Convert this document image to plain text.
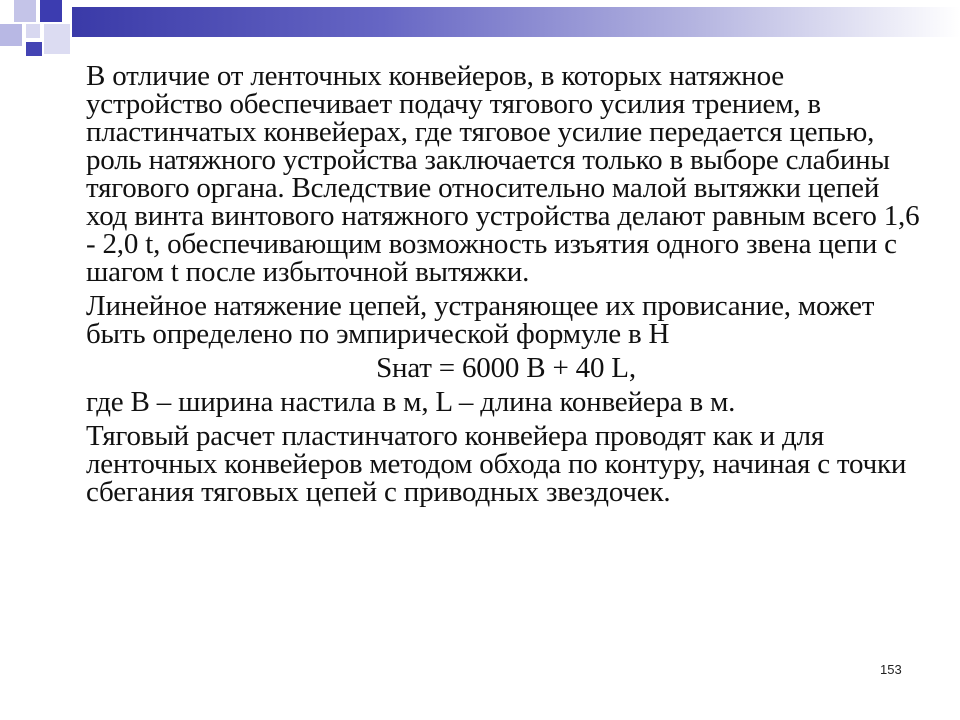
В отличие от ленточных конвейеров, в которых натяжное устройство обеспечивает подачу тягового усилия трением, в пластинчатых конвейерах, где тяговое усилие передается цепью, роль натяжного устройства заключается только в выборе слабины тягового органа. Вследствие относительно малой вытяжки цепей ход винта винтового натяжного устройства делают равным всего 1,6 - 2,0 t, обеспечивающим возможность изъятия одного звена цепи с шагом t после избыточной вытяжки.

Линейное натяжение цепей, устраняющее их провисание, может быть определено по эмпирической формуле в Н

Sнат = 6000 B + 40 L,

где В – ширина настила в м, L – длина конвейера в м.

Тяговый расчет пластинчатого конвейера проводят как и для ленточных конвейеров методом обхода по контуру, начиная с точки сбегания тяговых цепей с приводных звездочек.

153
